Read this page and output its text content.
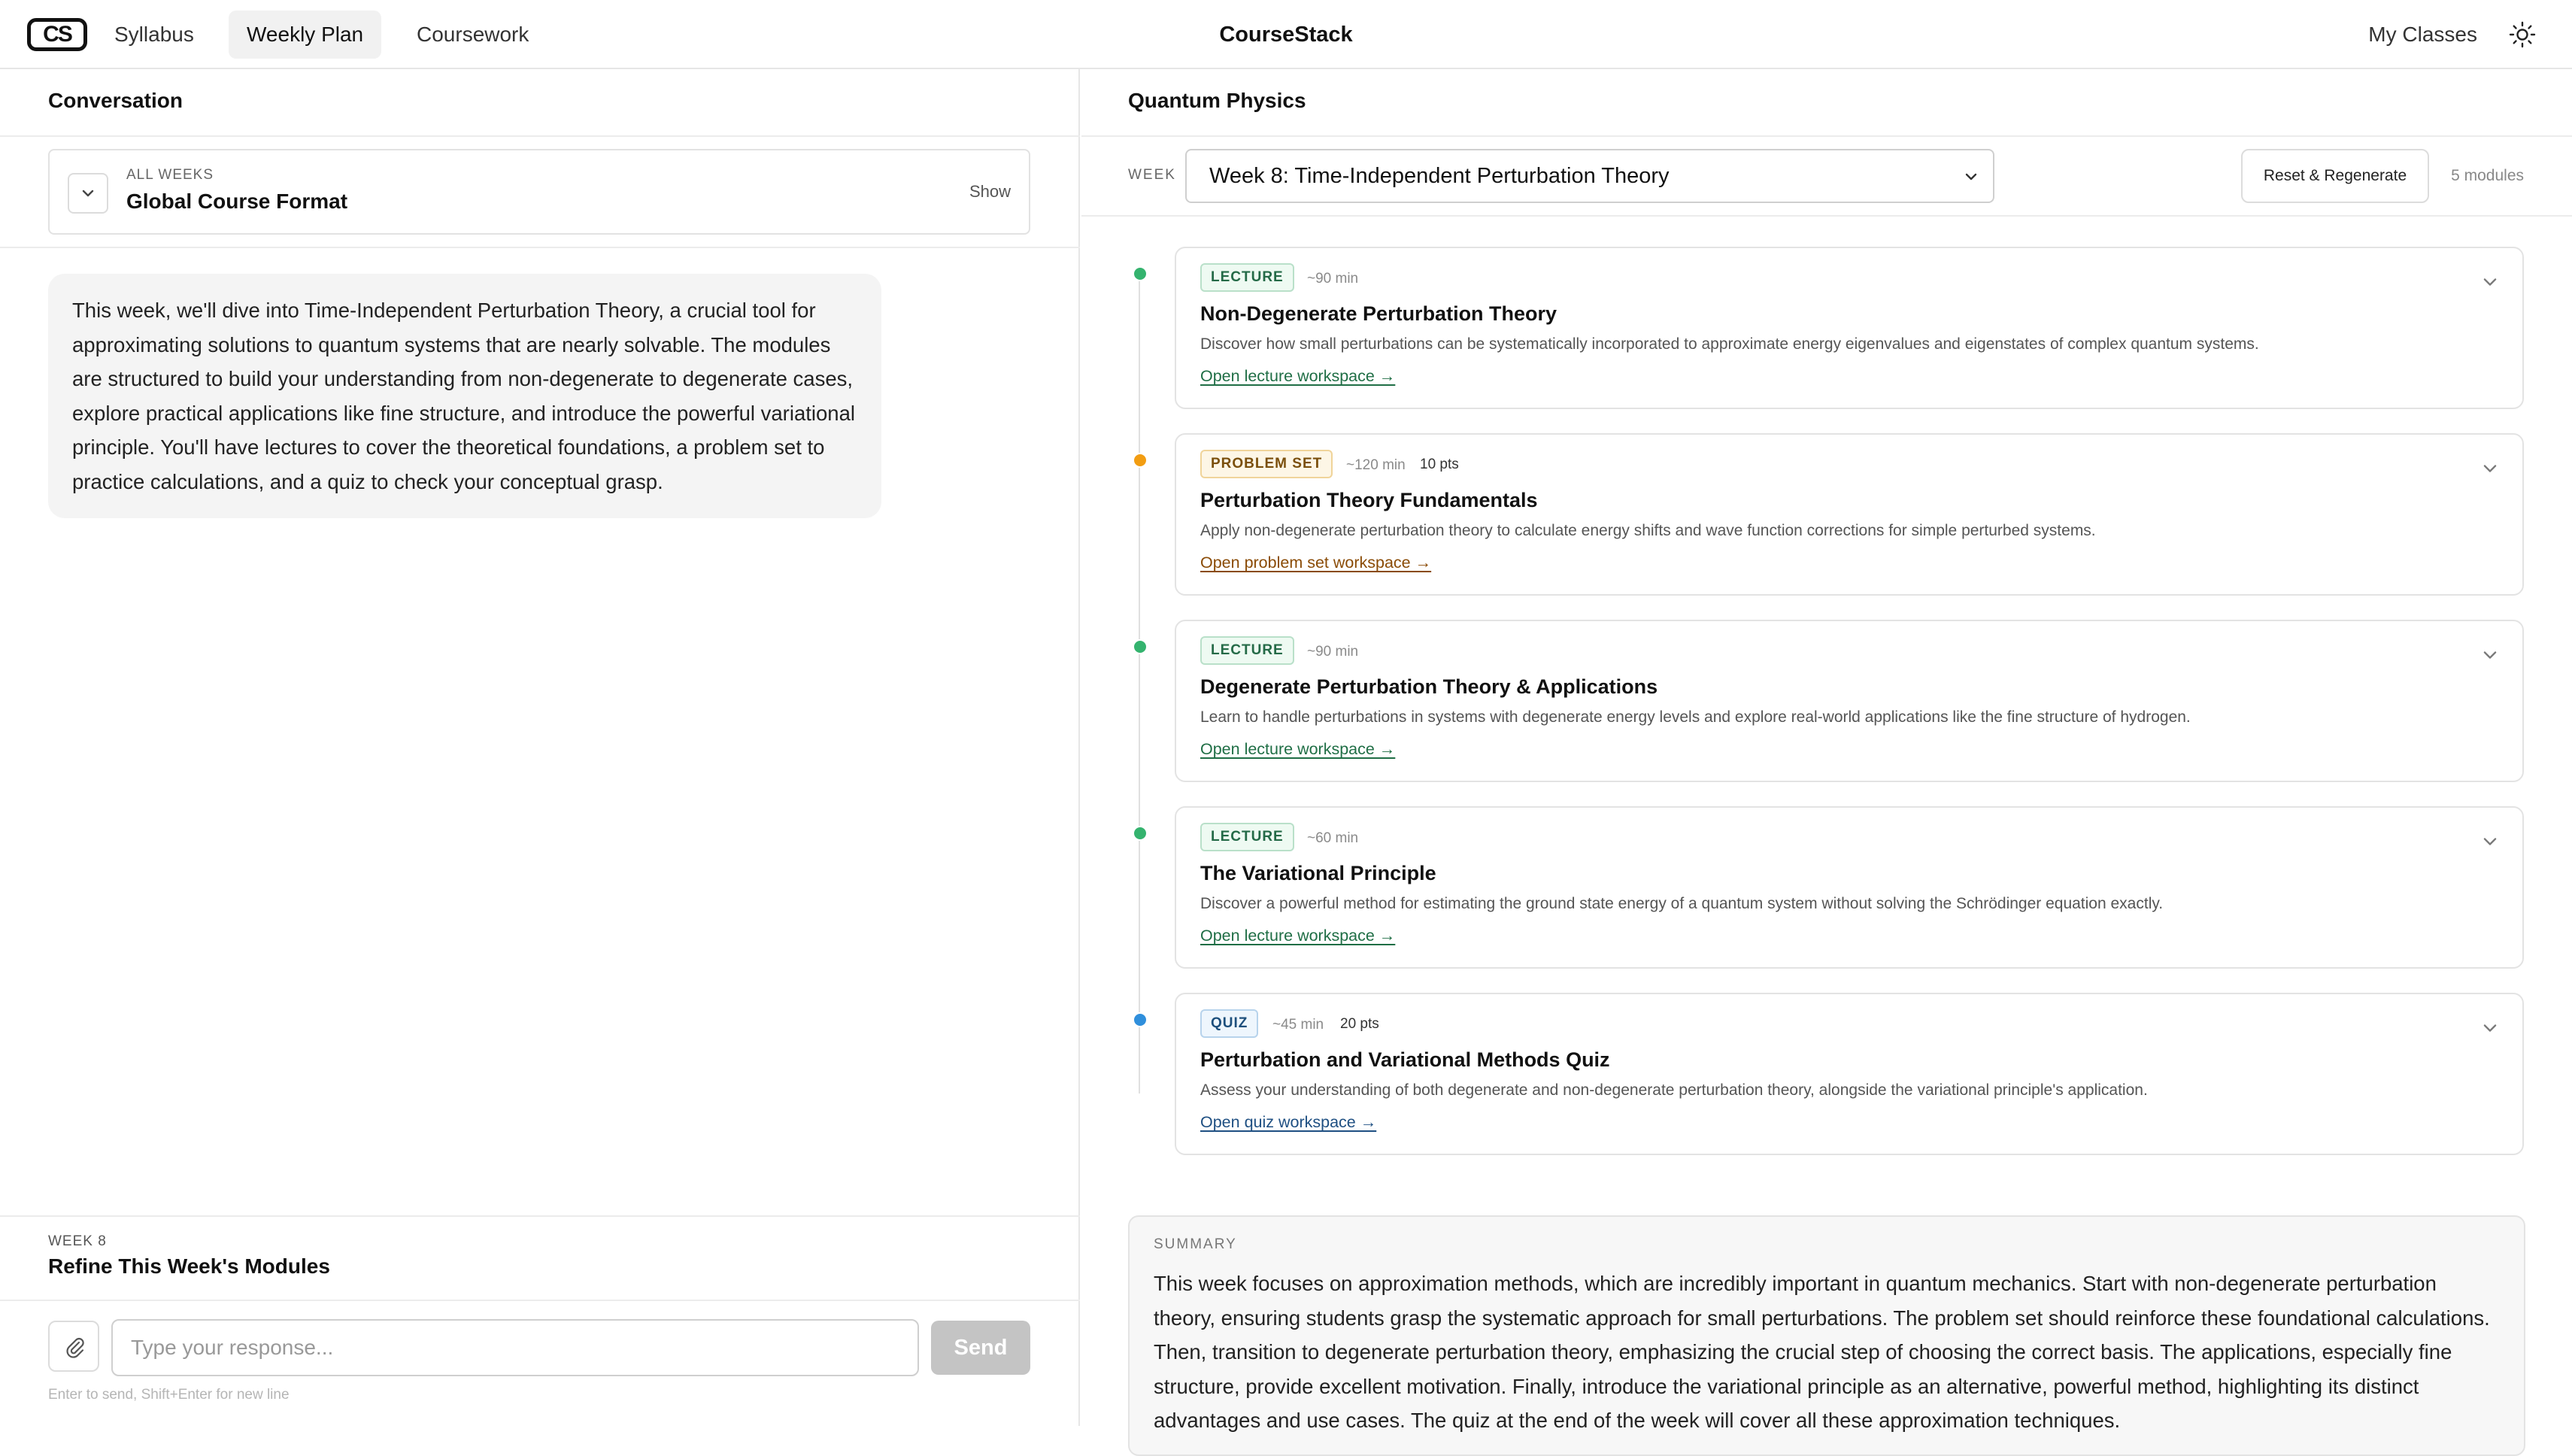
CS	Syllabus	Weekly Plan	Coursework	CourseStack	My Classes
Conversation
ALL WEEKS
Global Course Format	Show
This week, we'll dive into Time-Independent Perturbation Theory, a crucial tool for approximating solutions to quantum systems that are nearly solvable. The modules are structured to build your understanding from non-degenerate to degenerate cases, explore practical applications like fine structure, and introduce the powerful variational principle. You'll have lectures to cover the theoretical foundations, a problem set to practice calculations, and a quiz to check your conceptual grasp.
WEEK 8
Refine This Week's Modules
Type your response...
Send
Enter to send, Shift+Enter for new line
Quantum Physics
WEEK Week 8: Time-Independent Perturbation Theory	Reset & Regenerate	5 modules
LECTURE	~90 min
Non-Degenerate Perturbation Theory
Discover how small perturbations can be systematically incorporated to approximate energy eigenvalues and eigenstates of complex quantum systems.
Open lecture workspace →
PROBLEM SET	~120 min 10 pts
Perturbation Theory Fundamentals
Apply non-degenerate perturbation theory to calculate energy shifts and wave function corrections for simple perturbed systems.
Open problem set workspace →
LECTURE	~90 min
Degenerate Perturbation Theory & Applications
Learn to handle perturbations in systems with degenerate energy levels and explore real-world applications like the fine structure of hydrogen.
Open lecture workspace →
LECTURE	~60 min
The Variational Principle
Discover a powerful method for estimating the ground state energy of a quantum system without solving the Schrödinger equation exactly.
Open lecture workspace →
QUIZ	~45 min 20 pts
Perturbation and Variational Methods Quiz
Assess your understanding of both degenerate and non-degenerate perturbation theory, alongside the variational principle's application.
Open quiz workspace →
SUMMARY
This week focuses on approximation methods, which are incredibly important in quantum mechanics. Start with non-degenerate perturbation theory, ensuring students grasp the systematic approach for small perturbations. The problem set should reinforce these foundational calculations. Then, transition to degenerate perturbation theory, emphasizing the crucial step of choosing the correct basis. The applications, especially fine structure, provide excellent motivation. Finally, introduce the variational principle as an alternative, powerful method, highlighting its distinct advantages and use cases. The quiz at the end of the week will cover all these approximation techniques.
